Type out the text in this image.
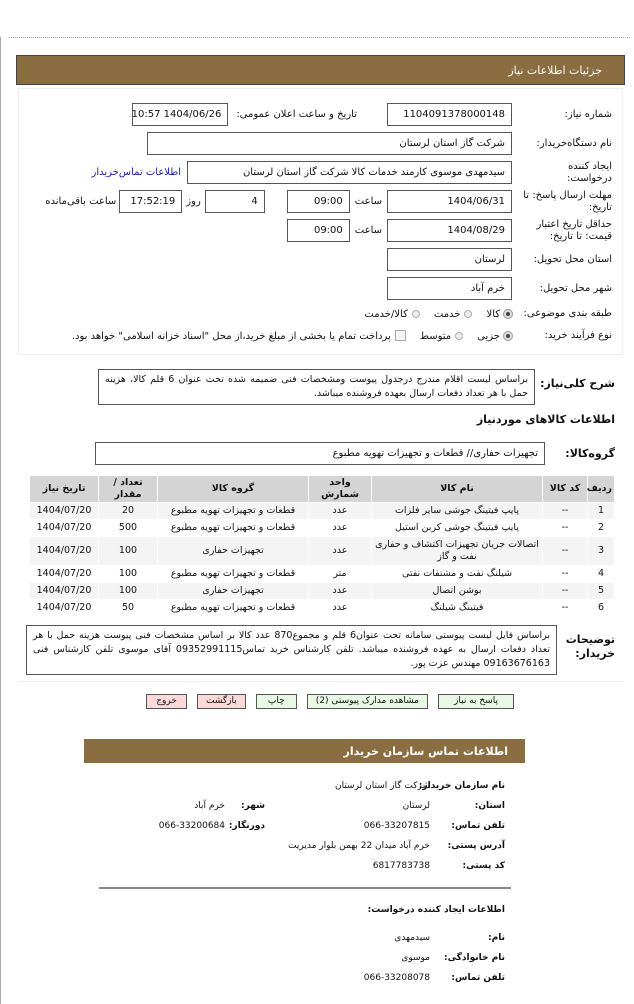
جزئیات اطلاعات نیاز
شماره نیاز:
1104091378000148
تاریخ و ساعت اعلان عمومی:
1404/06/26 10:57
نام دستگاه‌خریدار:
شرکت گاز استان لرستان
ایجاد کننده
درخواست:
سیدمهدی موسوی کارمند خدمات کالا شرکت گاز استان لرستان
اطلاعات تماس‌خریدار
مهلت ارسال پاسخ: تا
تاریخ:
1404/06/31
ساعت
09:00
4
روز
17:52:19
ساعت باقی‌مانده
حداقل تاریخ اعتبار
قیمت: تا تاریخ:
1404/08/29
ساعت
09:00
استان محل تحویل:
لرستان
شهر محل تحویل:
خرم آباد
طبقه بندی موضوعی:
کالا
خدمت
کالا/خدمت
نوع فرآیند خرید:
جزیی
متوسط
پرداخت تمام یا بخشی از مبلغ خرید،از محل "اسناد خزانه اسلامی" خواهد بود.
شرح کلی‌نیاز:
براساس لیست اقلام مندرج درجدول پیوست ومشخصات فنی ضمیمه شده تحت عنوان 6 قلم کالا، هزینه حمل با هر تعداد دفعات ارسال بعهده فروشنده میباشد.
اطلاعات کالاهای موردنیاز
گروه‌کالا:
تجهیزات حفاری// قطعات و تجهیزات تهویه مطبوع
ردیف	کد کالا	نام کالا	واحد شمارش	گروه کالا	تعداد / مقدار	تاریخ نیاز
1	--	پایپ فیتینگ جوشی سایر فلزات	عدد	قطعات و تجهیزات تهویه مطبوع	20	1404/07/20
2	--	پایپ فیتینگ جوشی کربن استیل	عدد	قطعات و تجهیزات تهویه مطبوع	500	1404/07/20
3	--	اتصالات جریان تجهیزات اکتشاف و حفاری نفت و گاز	عدد	تجهیزات حفاری	100	1404/07/20
4	--	شیلنگ نفت و مشتقات نفتی	متر	قطعات و تجهیزات تهویه مطبوع	100	1404/07/20
5	--	بوشن اتصال	عدد	تجهیزات حفاری	100	1404/07/20
6	--	فیتینگ شیلنگ	عدد	قطعات و تجهیزات تهویه مطبوع	50	1404/07/20
توضیحات
خریدار:
براساس فایل لیست پیوستی سامانه تحت عنوان6 قلم و مجموع870 عدد کالا بر اساس مشخصات فنی پیوست هزینه حمل با هر تعداد دفعات ارسال به عهده فروشنده میباشد. تلفن کارشناس خرید تماس09352991115 آقای موسوی تلفن کارشناس فنی 09163676163 مهندس عزت پور.
پاسخ به نیاز
مشاهده مدارک پیوستی (2)
چاپ
بازگشت
خروج
اطلاعات تماس سازمان خریدار
نام سازمان خریدار:
شرکت گاز استان لرستان
استان:
لرستان
شهر:
خرم آباد
تلفن تماس:
066-33207815
دورنگار:
066-33200684
آدرس پستی:
خرم آباد میدان 22 بهمن بلوار مدیریت
کد پستی:
6817783738
اطلاعات ایجاد کننده درخواست:
نام:
سیدمهدی
نام خانوادگی:
موسوی
تلفن تماس:
066-33208078
